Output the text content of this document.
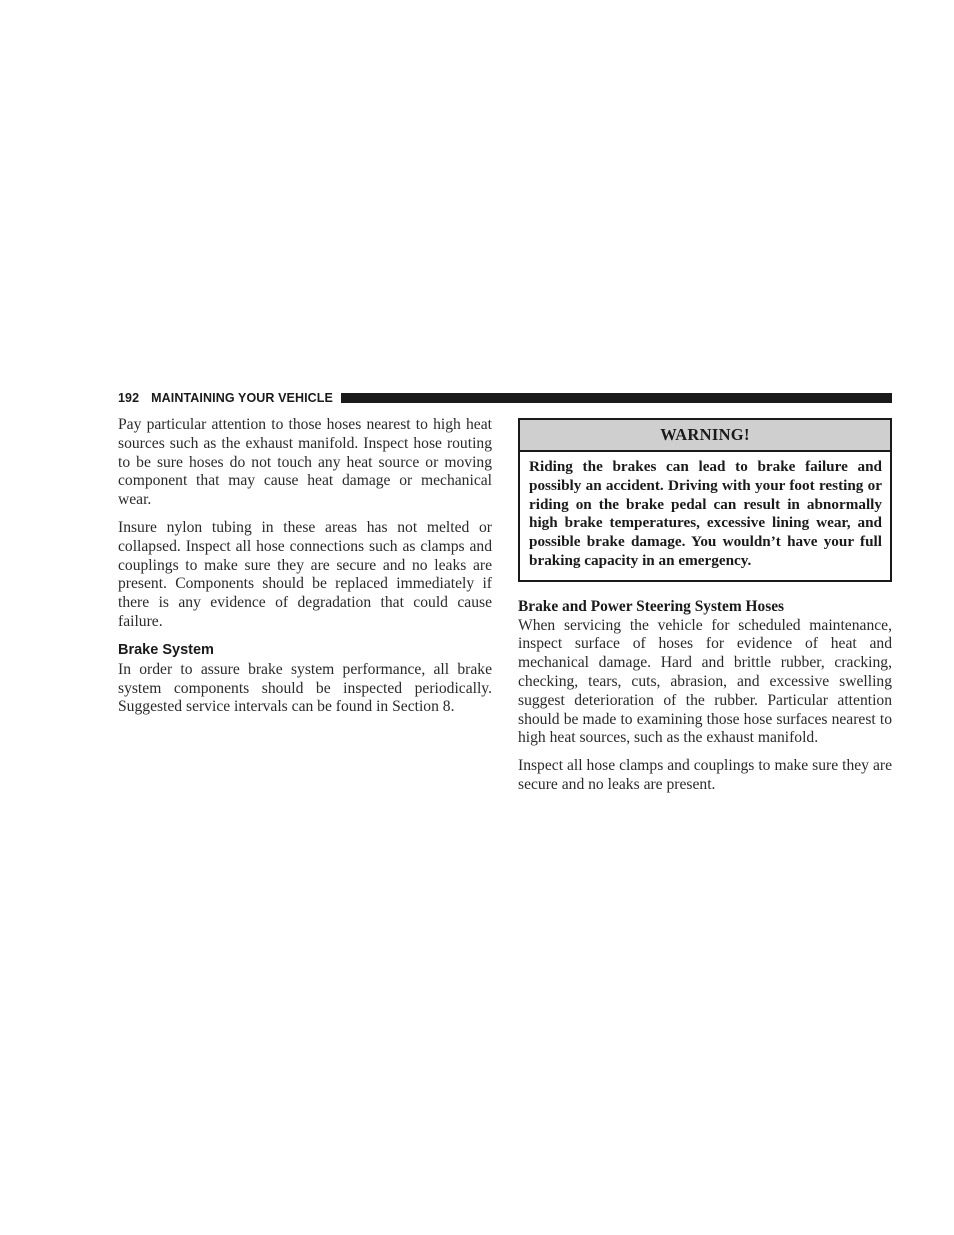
192 MAINTAINING YOUR VEHICLE

Pay particular attention to those hoses nearest to high heat sources such as the exhaust manifold. Inspect hose routing to be sure hoses do not touch any heat source or moving component that may cause heat damage or mechanical wear.

Insure nylon tubing in these areas has not melted or collapsed. Inspect all hose connections such as clamps and couplings to make sure they are secure and no leaks are present. Components should be replaced immediately if there is any evidence of degradation that could cause failure.

Brake System

In order to assure brake system performance, all brake system components should be inspected periodically. Suggested service intervals can be found in Section 8.

WARNING!
Riding the brakes can lead to brake failure and possibly an accident. Driving with your foot resting or riding on the brake pedal can result in abnormally high brake temperatures, excessive lining wear, and possible brake damage. You wouldn’t have your full braking capacity in an emergency.
Brake and Power Steering System Hoses

When servicing the vehicle for scheduled maintenance, inspect surface of hoses for evidence of heat and mechanical damage. Hard and brittle rubber, cracking, checking, tears, cuts, abrasion, and excessive swelling suggest deterioration of the rubber. Particular attention should be made to examining those hose surfaces nearest to high heat sources, such as the exhaust manifold.

Inspect all hose clamps and couplings to make sure they are secure and no leaks are present.
